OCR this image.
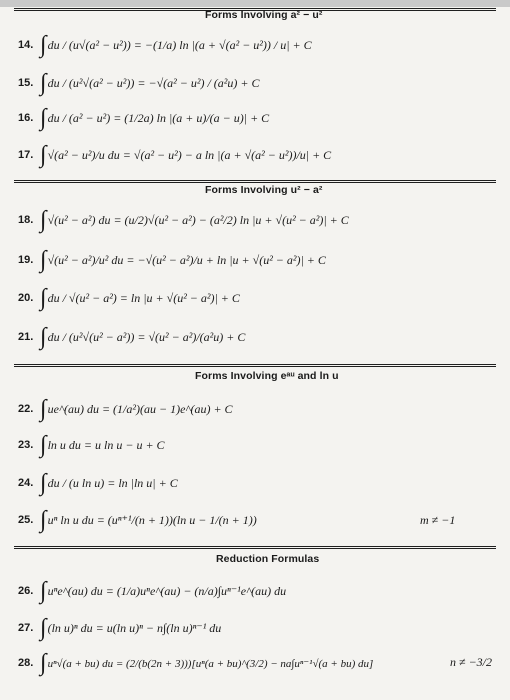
Forms Involving a² − u²
14. ∫ du / (u√(a² − u²)) = −(1/a) ln |(a + √(a² − u²)) / u| + C
15. ∫ du / (u²√(a² − u²)) = −√(a² − u²) / (a²u) + C
16. ∫ du / (a² − u²) = (1/2a) ln |(a + u)/(a − u)| + C
17. ∫ √(a² − u²)/u du = √(a² − u²) − a ln |(a + √(a² − u²))/u| + C
Forms Involving u² − a²
18. ∫ √(u² − a²) du = (u/2)√(u² − a²) − (a²/2) ln |u + √(u² − a²)| + C
19. ∫ √(u² − a²)/u² du = −√(u² − a²)/u + ln |u + √(u² − a²)| + C
20. ∫ du / √(u² − a²) = ln |u + √(u² − a²)| + C
21. ∫ du / (u²√(u² − a²)) = √(u² − a²)/(a²u) + C
Forms Involving eᵃᵘ and ln u
22. ∫ ue^(au) du = (1/a²)(au − 1)e^(au) + C
23. ∫ ln u du = u ln u − u + C
24. ∫ du / (u ln u) = ln |ln u| + C
25. ∫ uⁿ ln u du = (uⁿ⁺¹/(n + 1))(ln u − 1/(n + 1))	m ≠ −1
Reduction Formulas
26. ∫ uⁿe^(au) du = (1/a)uⁿe^(au) − (n/a)∫uⁿ⁻¹e^(au) du
27. ∫ (ln u)ⁿ du = u(ln u)ⁿ − n∫(ln u)ⁿ⁻¹ du
28. ∫ uⁿ√(a + bu) du = (2/(b(2n + 3)))[uⁿ(a + bu)^(3/2) − na∫uⁿ⁻¹√(a + bu) du]	n ≠ −3/2
